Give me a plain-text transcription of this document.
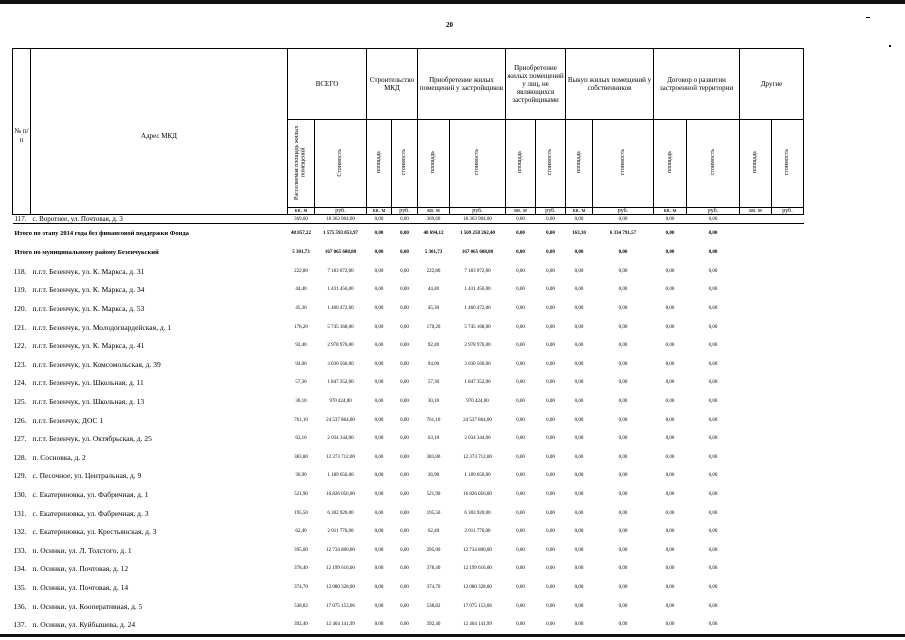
20
№ п/п	Адрес МКД	ВСЕГО		Строительство МКД		Приобретение жилых помещений у застройщиков		Приобретение жилых помещений у лиц, не являющихся застройщиками		Выкуп жилых помещений у собственников		Договор о развитии застроенной территории		Другие	
		Расселяемая площадь жилых помещений	Стоимость	площадь	стоимость	площадь	стоимость	площадь	стоимость	площадь	стоимость	площадь	стоимость	площадь	стоимость
		кв. м	руб.	кв. м	руб.	кв. м	руб.	кв. м	руб.	кв. м	руб.	кв. м	руб.	кв. м	руб.
117.	с. Воротнее, ул. Почтовая, д. 3	369,60	18 363 904,00	0,00	0,00	369,60	18 363 904,00	0,00	0,00	0,00	0,00	0,00	0,00		
Итого по этапу 2014 года без финансовой поддержки Фонда		48 857,22	1 575 593 053,97	0,00	0,00	48 694,12	1 569 258 262,40	0,00	0,00	163,10	6 334 791,57	0,00	0,00		
Итого по муниципальному району Безенчукский		5 301,73	167 065 608,80	0,00	0,00	5 301,73	167 065 608,80	0,00	0,00	0,00	0,00	0,00	0,00		
118.	п.г.т. Безенчук, ул. К. Маркса, д. 31	222,80	7 183 072,00	0,00	0,00	222,80	7 183 072,00	0,00	0,00	0,00	0,00	0,00	0,00		
119.	п.г.т. Безенчук, ул. К. Маркса, д. 34	44,40	1 431 456,00	0,00	0,00	44,40	1 431 456,00	0,00	0,00	0,00	0,00	0,00	0,00		
120.	п.г.т. Безенчук, ул. К. Маркса, д. 53	45,30	1 460 472,00	0,00	0,00	45,30	1 460 472,00	0,00	0,00	0,00	0,00	0,00	0,00		
121.	п.г.т. Безенчук, ул. Молодогвардейская, д. 1	178,20	5 745 168,00	0,00	0,00	178,20	5 745 168,00	0,00	0,00	0,00	0,00	0,00	0,00		
122.	п.г.т. Безенчук, ул. К. Маркса, д. 41	92,40	2 978 976,00	0,00	0,00	92,40	2 978 976,00	0,00	0,00	0,00	0,00	0,00	0,00		
123.	п.г.т. Безенчук, ул. Комсомольская, д. 39	94,00	3 030 560,00	0,00	0,00	94,00	3 030 560,00	0,00	0,00	0,00	0,00	0,00	0,00		
124.	п.г.т. Безенчук, ул. Школьная, д. 11	57,30	1 847 352,00	0,00	0,00	57,30	1 847 352,00	0,00	0,00	0,00	0,00	0,00	0,00		
125.	п.г.т. Безенчук, ул. Школьная, д. 13	30,10	970 424,00	0,00	0,00	30,10	970 424,00	0,00	0,00	0,00	0,00	0,00	0,00		
126.	п.г.т. Безенчук, ДОС 1	761,10	24 537 864,00	0,00	0,00	761,10	24 537 864,00	0,00	0,00	0,00	0,00	0,00	0,00		
127.	п.г.т. Безенчук, ул. Октябрьская, д. 25	63,10	2 034 344,00	0,00	0,00	63,10	2 034 344,00	0,00	0,00	0,00	0,00	0,00	0,00		
128.	п. Сосновка, д. 2	383,80	12 373 712,00	0,00	0,00	383,80	12 373 712,00	0,00	0,00	0,00	0,00	0,00	0,00		
129.	с. Песочное, ул. Центральная, д. 9	36,90	1 189 656,00	0,00	0,00	36,90	1 189 656,00	0,00	0,00	0,00	0,00	0,00	0,00		
130.	с. Екатериновка, ул. Фабричная, д. 1	521,90	16 826 056,00	0,00	0,00	521,90	16 826 056,00	0,00	0,00	0,00	0,00	0,00	0,00		
131.	с. Екатериновка, ул. Фабричная, д. 3	195,50	6 302 920,00	0,00	0,00	195,50	6 302 920,00	0,00	0,00	0,00	0,00	0,00	0,00		
132.	с. Екатериновка, ул. Крестьянская, д. 3	62,40	2 011 776,00	0,00	0,00	62,40	2 011 776,00	0,00	0,00	0,00	0,00	0,00	0,00		
133.	п. Осинки, ул. Л. Толстого, д. 1	395,00	12 734 800,00	0,00	0,00	395,00	12 734 800,00	0,00	0,00	0,00	0,00	0,00	0,00		
134.	п. Осинки, ул. Почтовая, д. 12	378,40	12 199 616,00	0,00	0,00	378,40	12 199 616,00	0,00	0,00	0,00	0,00	0,00	0,00		
135.	п. Осинки, ул. Почтовая, д. 14	374,70	12 080 328,00	0,00	0,00	374,70	12 080 328,00	0,00	0,00	0,00	0,00	0,00	0,00		
136.	п. Осинки, ул. Кооперативная, д. 5	538,82	17 075 153,06	0,00	0,00	538,82	17 075 153,06	0,00	0,00	0,00	0,00	0,00	0,00		
137.	п. Осинки, ул. Куйбышева, д. 24	392,40	12 464 141,99	0,00	0,00	392,40	12 464 141,99	0,00	0,00	0,00	0,00	0,00	0,00		
